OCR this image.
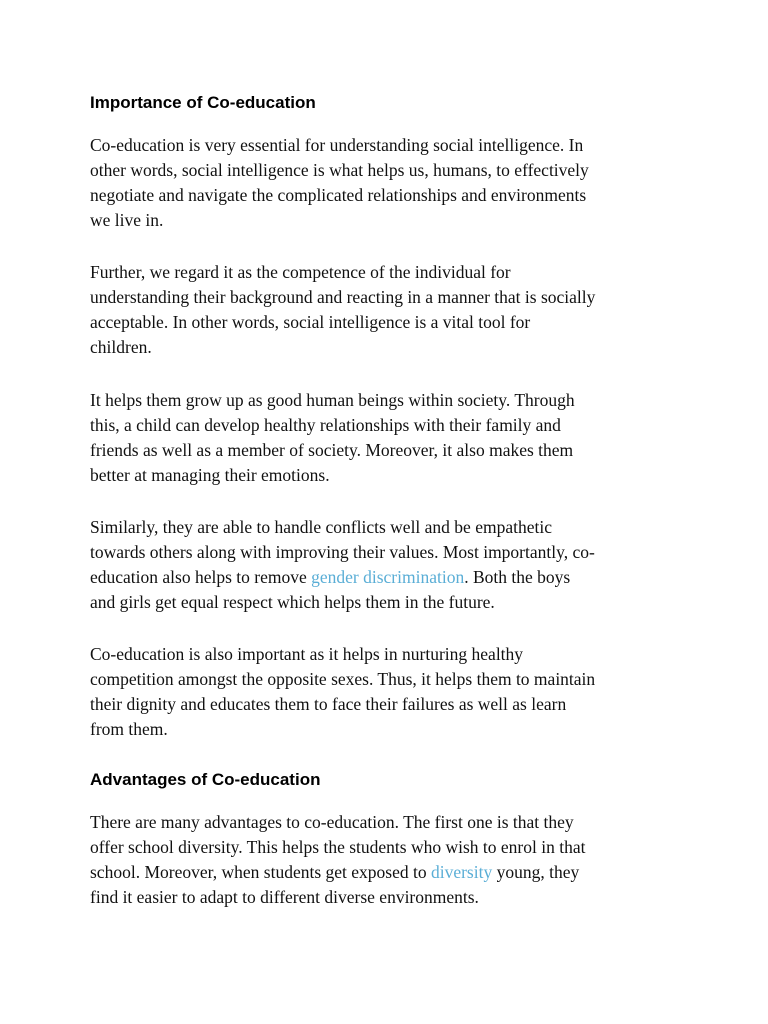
Importance of Co-education

Co-education is very essential for understanding social intelligence. In
other words, social intelligence is what helps us, humans, to effectively
negotiate and navigate the complicated relationships and environments
we live in.

Further, we regard it as the competence of the individual for
understanding their background and reacting in a manner that is socially
acceptable. In other words, social intelligence is a vital tool for
children.

It helps them grow up as good human beings within society. Through
this, a child can develop healthy relationships with their family and
friends as well as a member of society. Moreover, it also makes them
better at managing their emotions.

Similarly, they are able to handle conflicts well and be empathetic
towards others along with improving their values. Most importantly, co-
education also helps to remove gender discrimination. Both the boys
and girls get equal respect which helps them in the future.

Co-education is also important as it helps in nurturing healthy
competition amongst the opposite sexes. Thus, it helps them to maintain
their dignity and educates them to face their failures as well as learn
from them.

Advantages of Co-education

There are many advantages to co-education. The first one is that they
offer school diversity. This helps the students who wish to enrol in that
school. Moreover, when students get exposed to diversity young, they
find it easier to adapt to different diverse environments.
